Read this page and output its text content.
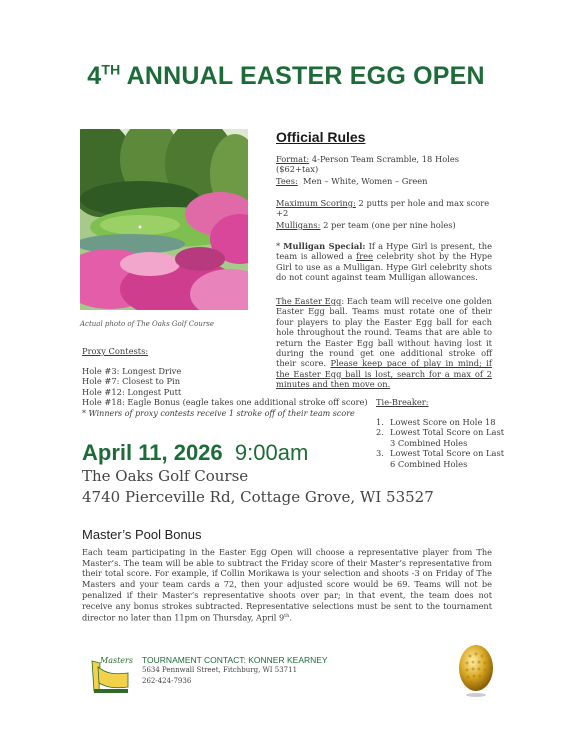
4TH ANNUAL EASTER EGG OPEN
Actual photo of The Oaks Golf Course
Official Rules
Format: 4-Person Team Scramble, 18 Holes ($62+tax)
Tees:  Men – White, Women – Green
Maximum Scoring: 2 putts per hole and max score +2
Mulligans: 2 per team (one per nine holes)
* Mulligan Special: If a Hype Girl is present, the team is allowed a free celebrity shot by the Hype Girl to use as a Mulligan. Hype Girl celebrity shots do not count against team Mulligan allowances.
The Easter Egg: Each team will receive one golden Easter Egg ball. Teams must rotate one of their four players to play the Easter Egg ball for each hole throughout the round. Teams that are able to return the Easter Egg ball without having lost it during the round get one additional stroke off their score. Please keep pace of play in mind; if the Easter Egg ball is lost, search for a max of 2 minutes and then move on.
Proxy Contests:
Hole #3: Longest Drive
Hole #7: Closest to Pin
Hole #12: Longest Putt
Hole #18: Eagle Bonus (eagle takes one additional stroke off score)
* Winners of proxy contests receive 1 stroke off of their team score
Tie-Breaker:
1. Lowest Score on Hole 18
2. Lowest Total Score on Last 3 Combined Holes
3. Lowest Total Score on Last 6 Combined Holes
April 11, 2026 9:00am
The Oaks Golf Course
4740 Pierceville Rd, Cottage Grove, WI 53527
Master’s Pool Bonus
Each team participating in the Easter Egg Open will choose a representative player from The Master’s. The team will be able to subtract the Friday score of their Master’s representative from their total score. For example, if Collin Morikawa is your selection and shoots -3 on Friday of The Masters and your team cards a 72, then your adjusted score would be 69. Teams will not be penalized if their Master’s representative shoots over par; in that event, the team does not receive any bonus strokes subtracted. Representative selections must be sent to the tournament director no later than 11pm on Thursday, April 9th.
Masters TOURNAMENT CONTACT: KONNER KEARNEY
5634 Pennwall Street, Fitchburg, WI 53711
262-424-7936
